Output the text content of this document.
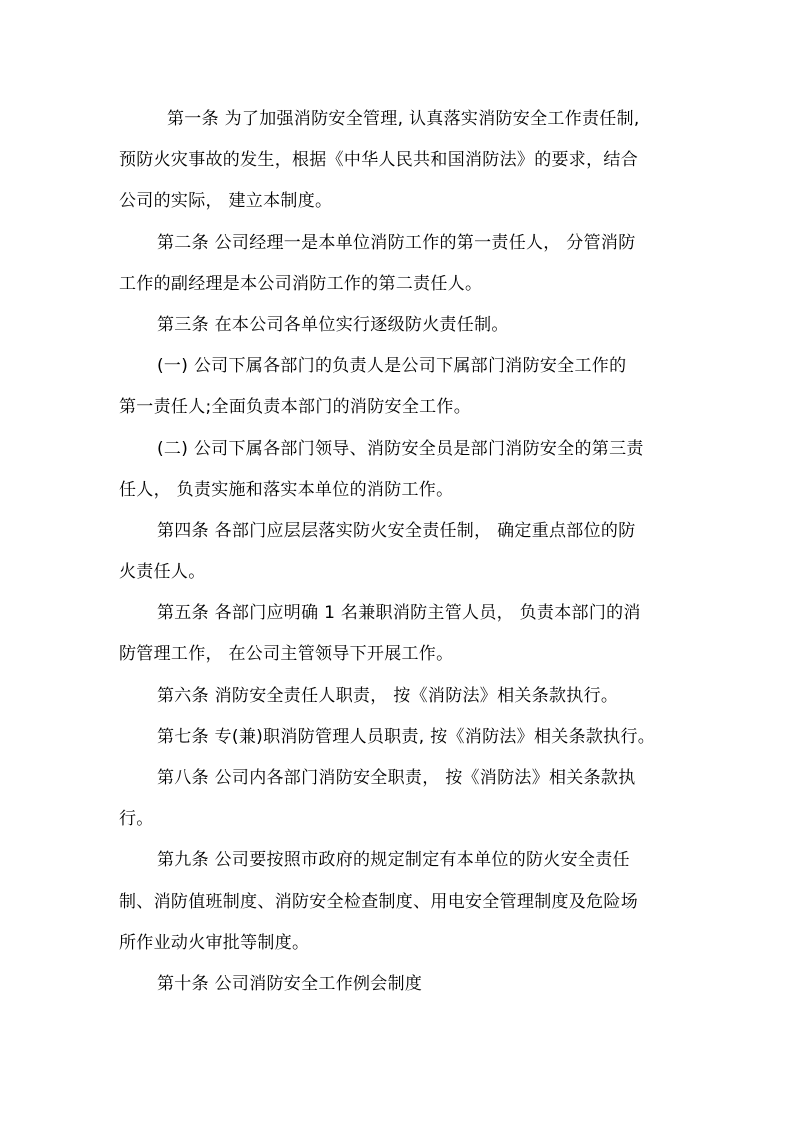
第一条 为了加强消防安全管理, 认真落实消防安全工作责任制,
预防火灾事故的发生，根据《中华人民共和国消防法》的要求，结合
公司的实际， 建立本制度。

第二条 公司经理一是本单位消防工作的第一责任人， 分管消防
工作的副经理是本公司消防工作的第二责任人。

第三条 在本公司各单位实行逐级防火责任制。

(一) 公司下属各部门的负责人是公司下属部门消防安全工作的
第一责任人;全面负责本部门的消防安全工作。

(二) 公司下属各部门领导、消防安全员是部门消防安全的第三责
任人， 负责实施和落实本单位的消防工作。

第四条 各部门应层层落实防火安全责任制， 确定重点部位的防
火责任人。

第五条 各部门应明确 1 名兼职消防主管人员， 负责本部门的消
防管理工作， 在公司主管领导下开展工作。

第六条 消防安全责任人职责， 按《消防法》相关条款执行。

第七条 专(兼)职消防管理人员职责, 按《消防法》相关条款执行。

第八条 公司内各部门消防安全职责， 按《消防法》相关条款执
行。

第九条 公司要按照市政府的规定制定有本单位的防火安全责任
制、消防值班制度、消防安全检查制度、用电安全管理制度及危险场
所作业动火审批等制度。

第十条 公司消防安全工作例会制度
